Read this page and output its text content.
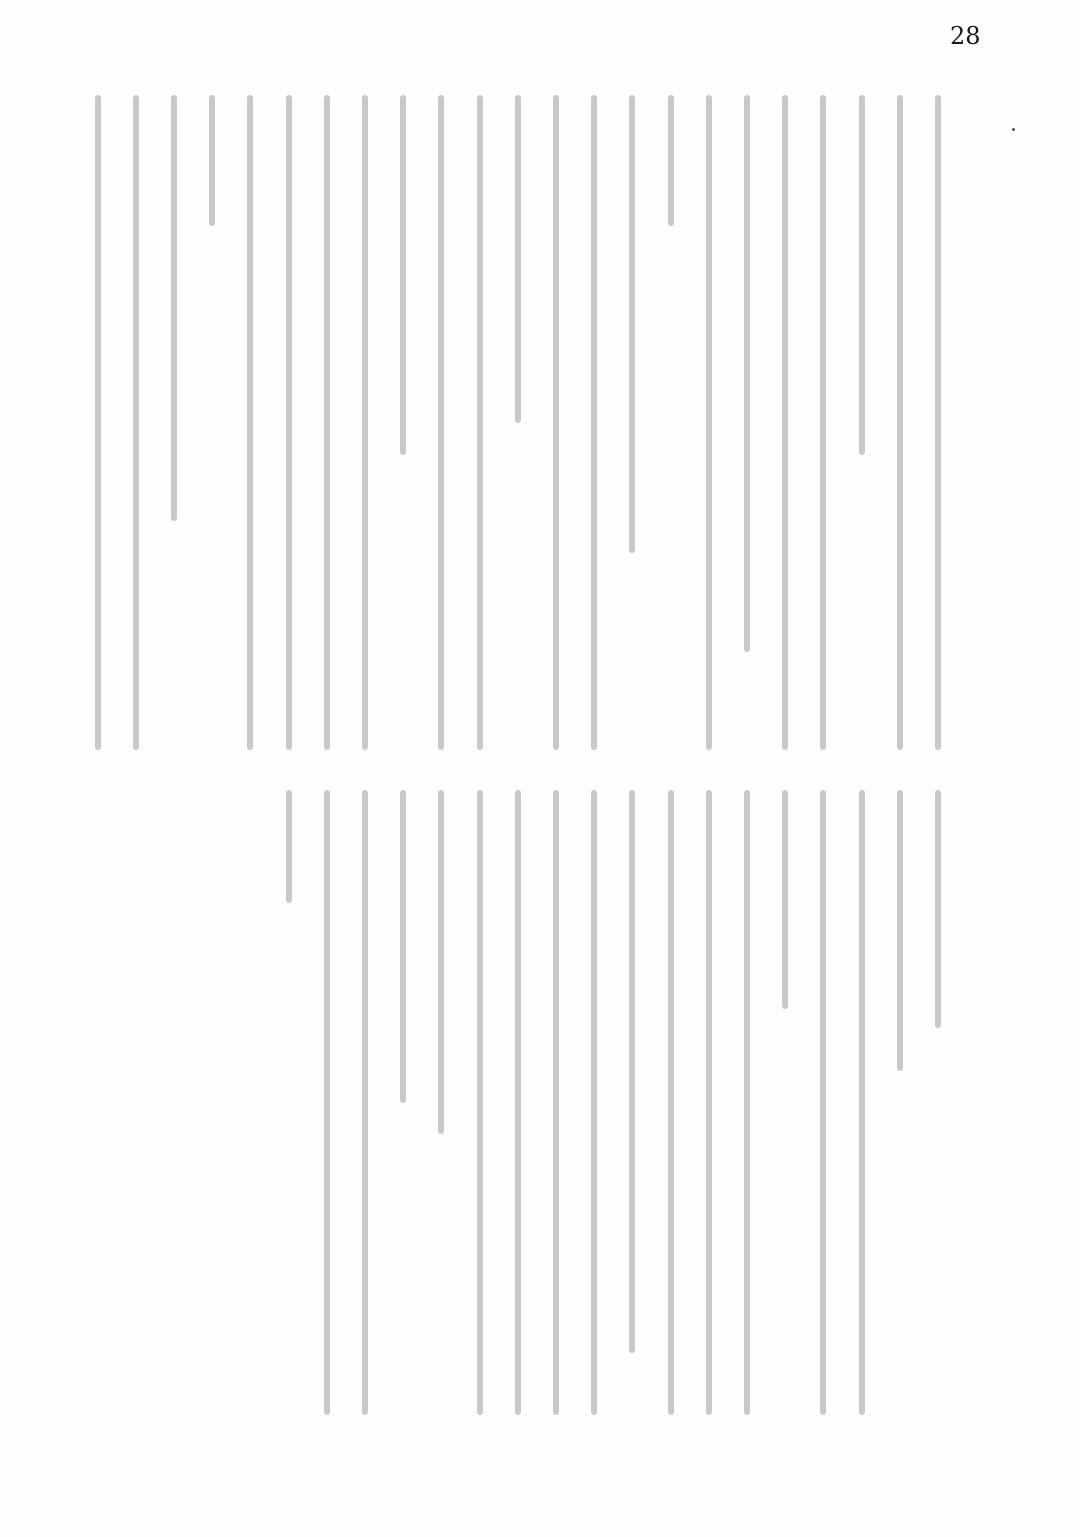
28
